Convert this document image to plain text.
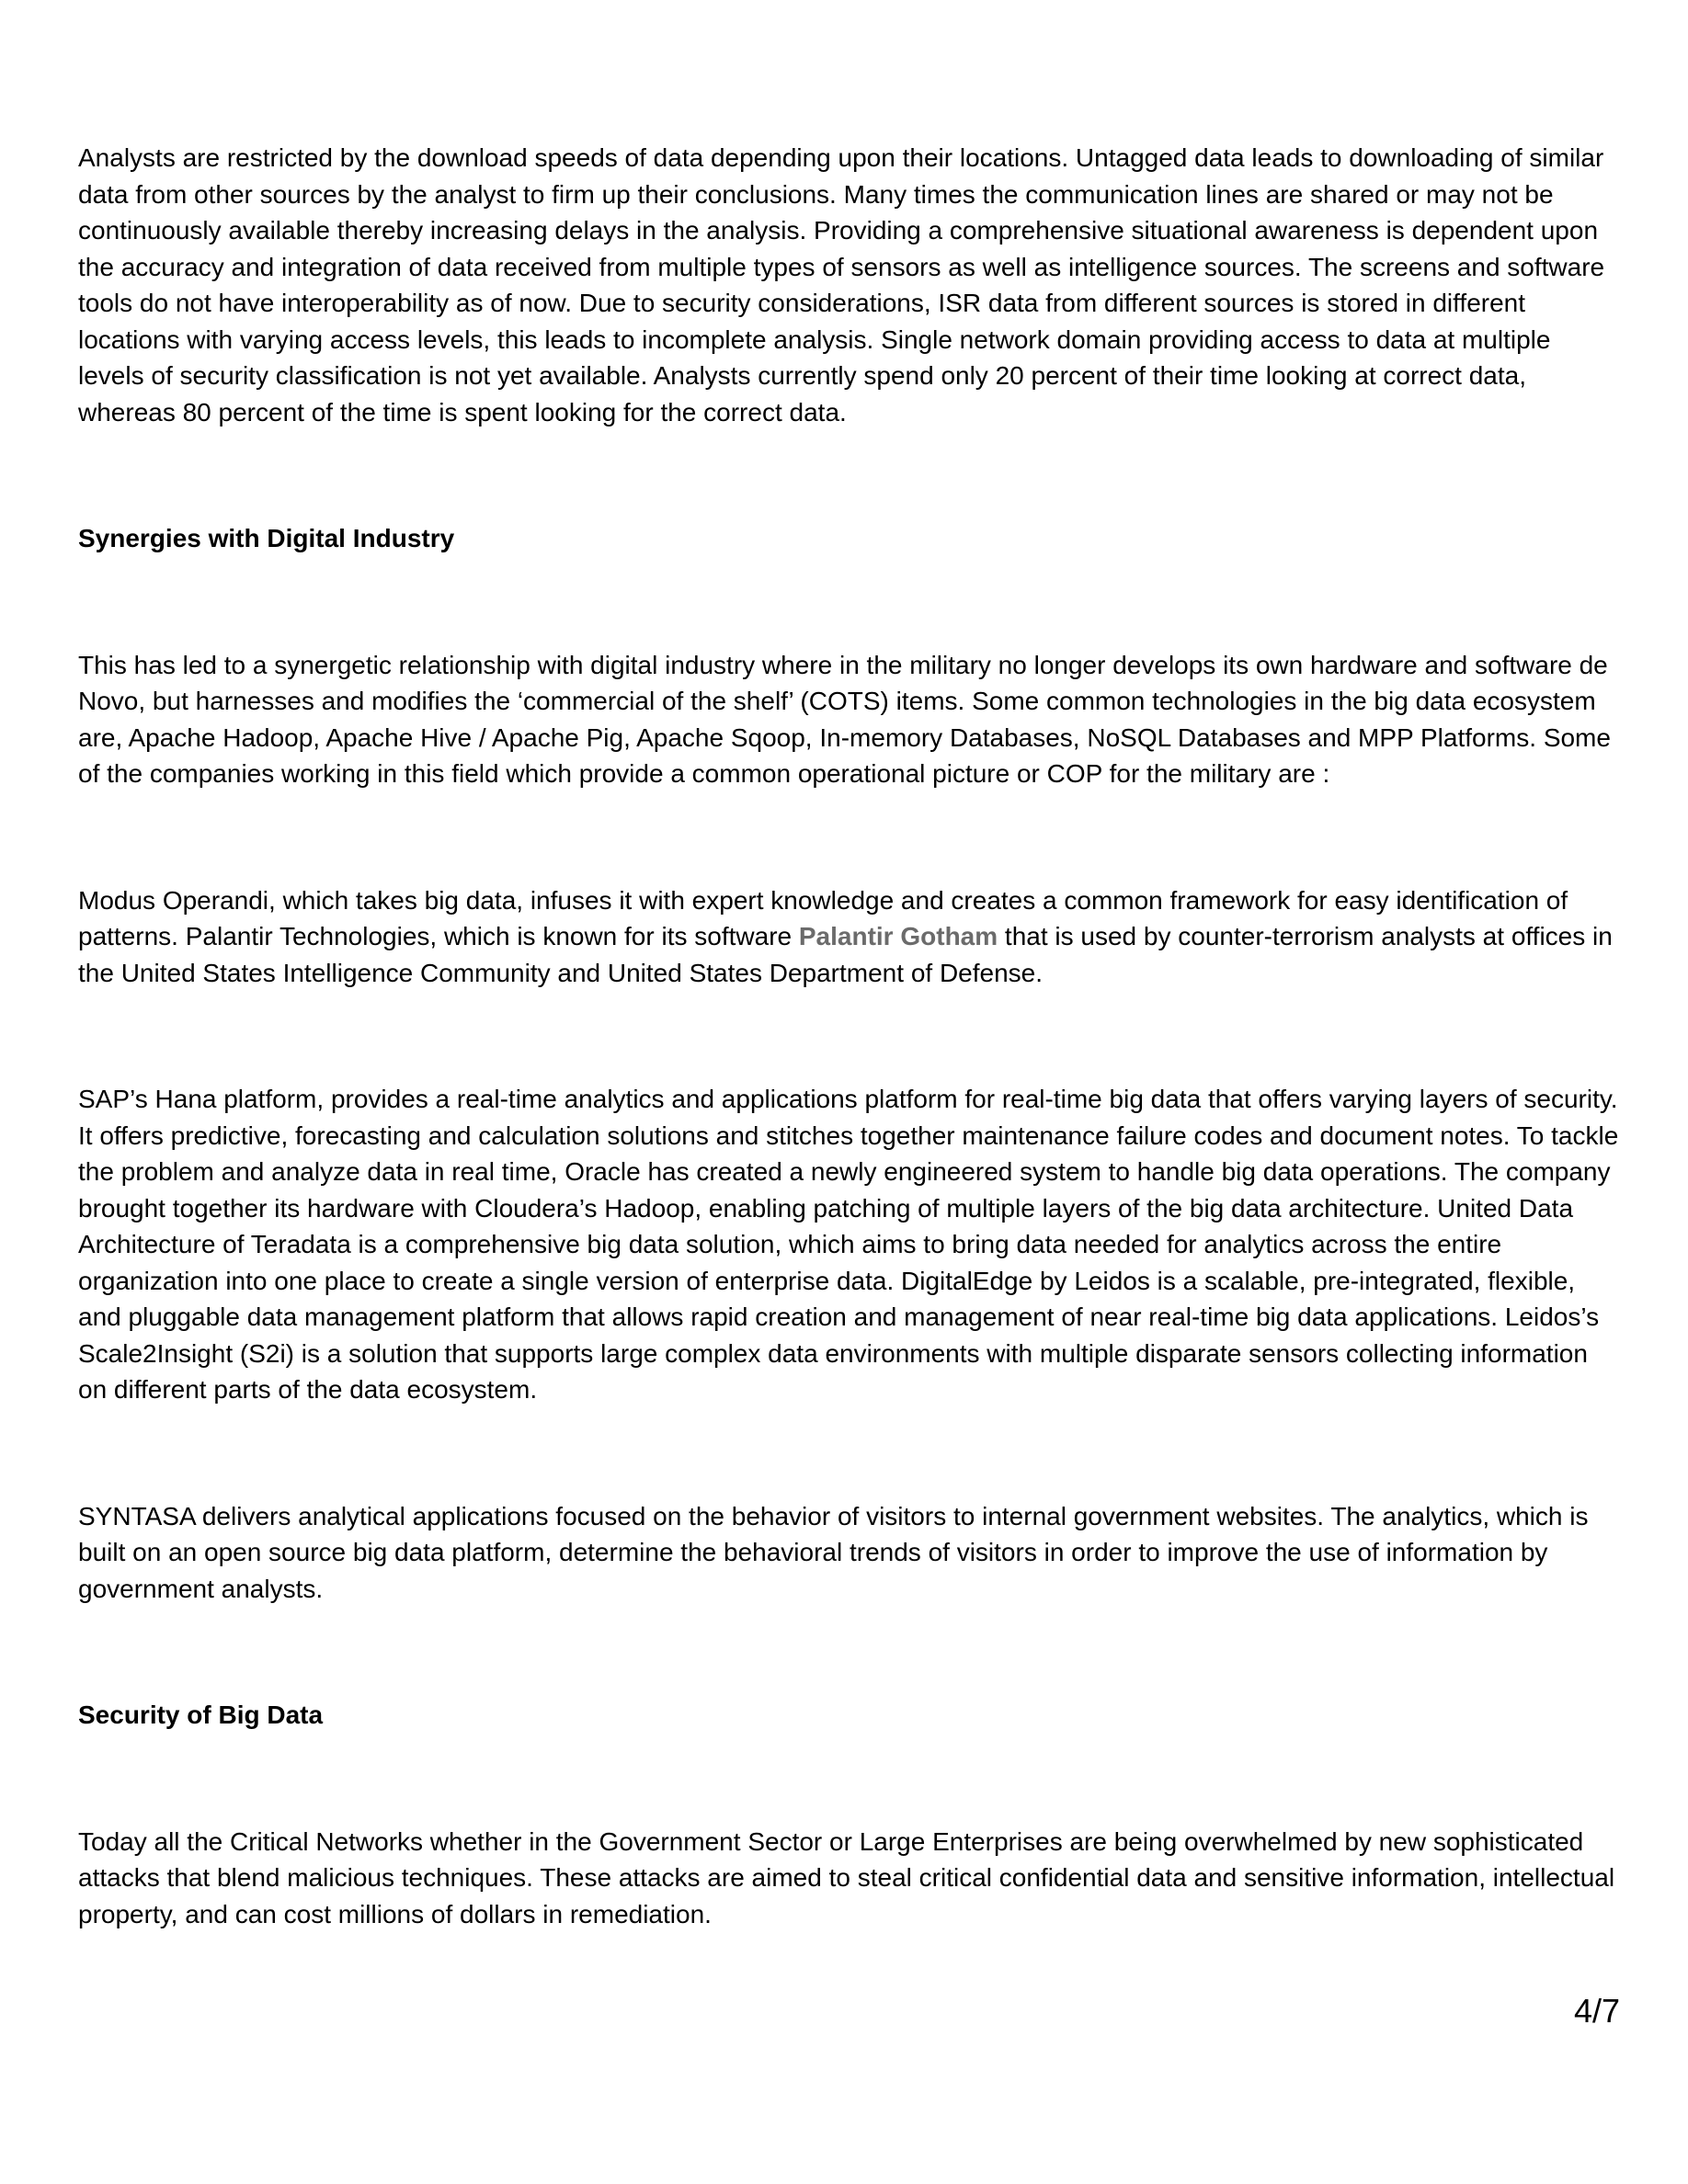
Analysts are restricted by the download speeds of data depending upon their locations. Untagged data leads to downloading of similar data from other sources by the analyst to firm up their conclusions. Many times the communication lines are shared or may not be continuously available thereby increasing delays in the analysis. Providing a comprehensive situational awareness is dependent upon the accuracy and integration of data received from multiple types of sensors as well as intelligence sources. The screens and software tools do not have interoperability as of now. Due to security considerations, ISR data from different sources is stored in different locations with varying access levels, this leads to incomplete analysis. Single network domain providing access to data at multiple levels of security classification is not yet available. Analysts currently spend only 20 percent of their time looking at correct data, whereas 80 percent of the time is spent looking for the correct data.

Synergies with Digital Industry

This has led to a synergetic relationship with digital industry where in the military no longer develops its own hardware and software de Novo, but harnesses and modifies the ‘commercial of the shelf’ (COTS) items. Some common technologies in the big data ecosystem are, Apache Hadoop, Apache Hive / Apache Pig, Apache Sqoop, In-memory Databases, NoSQL Databases and MPP Platforms. Some of the companies working in this field which provide a common operational picture or COP for the military are :

Modus Operandi, which takes big data, infuses it with expert knowledge and creates a common framework for easy identification of patterns. Palantir Technologies, which is known for its software Palantir Gotham that is used by counter-terrorism analysts at offices in the United States Intelligence Community and United States Department of Defense.

SAP’s Hana platform, provides a real-time analytics and applications platform for real-time big data that offers varying layers of security. It offers predictive, forecasting and calculation solutions and stitches together maintenance failure codes and document notes. To tackle the problem and analyze data in real time, Oracle has created a newly engineered system to handle big data operations. The company brought together its hardware with Cloudera’s Hadoop, enabling patching of multiple layers of the big data architecture. United Data Architecture of Teradata is a comprehensive big data solution, which aims to bring data needed for analytics across the entire organization into one place to create a single version of enterprise data. DigitalEdge by Leidos is a scalable, pre-integrated, flexible, and pluggable data management platform that allows rapid creation and management of near real-time big data applications. Leidos’s Scale2Insight (S2i) is a solution that supports large complex data environments with multiple disparate sensors collecting information on different parts of the data ecosystem.

SYNTASA delivers analytical applications focused on the behavior of visitors to internal government websites. The analytics, which is built on an open source big data platform, determine the behavioral trends of visitors in order to improve the use of information by government analysts.

Security of Big Data

Today all the Critical Networks whether in the Government Sector or Large Enterprises are being overwhelmed by new sophisticated attacks that blend malicious techniques. These attacks are aimed to steal critical confidential data and sensitive information, intellectual property, and can cost millions of dollars in remediation.

4/7
